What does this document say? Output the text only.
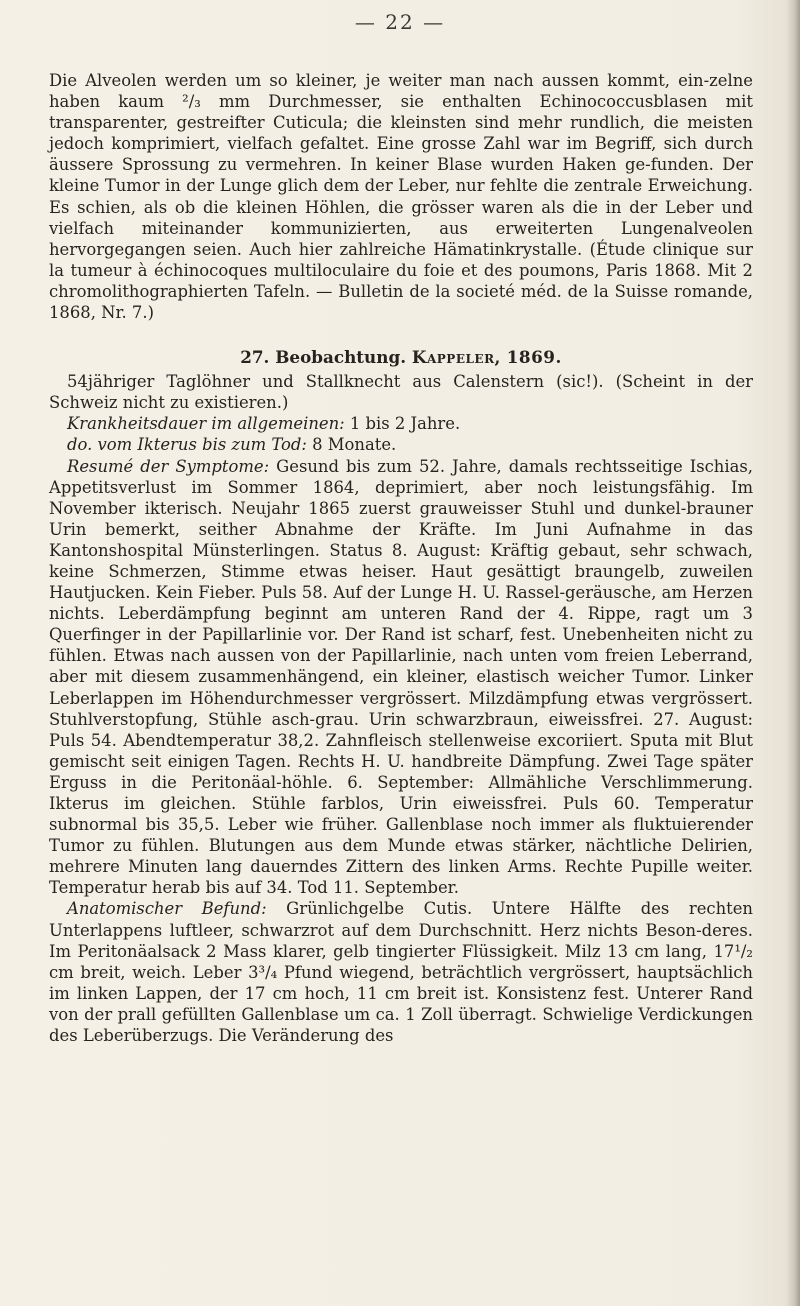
— 22 —

Die Alveolen werden um so kleiner, je weiter man nach aussen kommt, ein-zelne haben kaum ²/₃ mm Durchmesser, sie enthalten Echinococcusblasen mit transparenter, gestreifter Cuticula; die kleinsten sind mehr rundlich, die meisten jedoch komprimiert, vielfach gefaltet. Eine grosse Zahl war im Begriff, sich durch äussere Sprossung zu vermehren. In keiner Blase wurden Haken ge-funden. Der kleine Tumor in der Lunge glich dem der Leber, nur fehlte die zentrale Erweichung. Es schien, als ob die kleinen Höhlen, die grösser waren als die in der Leber und vielfach miteinander kommunizierten, aus erweiterten Lungenalveolen hervorgegangen seien. Auch hier zahlreiche Hämatinkrystalle. (Étude clinique sur la tumeur à échinocoques multiloculaire du foie et des poumons, Paris 1868. Mit 2 chromolithographierten Tafeln. — Bulletin de la societé méd. de la Suisse romande, 1868, Nr. 7.)

27. Beobachtung. Kappeler, 1869.

54jähriger Taglöhner und Stallknecht aus Calenstern (sic!). (Scheint in der Schweiz nicht zu existieren.)

Krankheitsdauer im allgemeinen: 1 bis 2 Jahre.

do. vom Ikterus bis zum Tod: 8 Monate.

Resumé der Symptome: Gesund bis zum 52. Jahre, damals rechtsseitige Ischias, Appetitsverlust im Sommer 1864, deprimiert, aber noch leistungsfähig. Im November ikterisch. Neujahr 1865 zuerst grauweisser Stuhl und dunkel-brauner Urin bemerkt, seither Abnahme der Kräfte. Im Juni Aufnahme in das Kantonshospital Münsterlingen. Status 8. August: Kräftig gebaut, sehr schwach, keine Schmerzen, Stimme etwas heiser. Haut gesättigt braungelb, zuweilen Hautjucken. Kein Fieber. Puls 58. Auf der Lunge H. U. Rassel-geräusche, am Herzen nichts. Leberdämpfung beginnt am unteren Rand der 4. Rippe, ragt um 3 Querfinger in der Papillarlinie vor. Der Rand ist scharf, fest. Unebenheiten nicht zu fühlen. Etwas nach aussen von der Papillarlinie, nach unten vom freien Leberrand, aber mit diesem zusammenhängend, ein kleiner, elastisch weicher Tumor. Linker Leberlappen im Höhendurchmesser vergrössert. Milzdämpfung etwas vergrössert. Stuhlverstopfung, Stühle asch-grau. Urin schwarzbraun, eiweissfrei. 27. August: Puls 54. Abendtemperatur 38,2. Zahnfleisch stellenweise excoriiert. Sputa mit Blut gemischt seit einigen Tagen. Rechts H. U. handbreite Dämpfung. Zwei Tage später Erguss in die Peritonäal-höhle. 6. September: Allmähliche Verschlimmerung. Ikterus im gleichen. Stühle farblos, Urin eiweissfrei. Puls 60. Temperatur subnormal bis 35,5. Leber wie früher. Gallenblase noch immer als fluktuierender Tumor zu fühlen. Blutungen aus dem Munde etwas stärker, nächtliche Delirien, mehrere Minuten lang dauerndes Zittern des linken Arms. Rechte Pupille weiter. Temperatur herab bis auf 34. Tod 11. September.

Anatomischer Befund: Grünlichgelbe Cutis. Untere Hälfte des rechten Unterlappens luftleer, schwarzrot auf dem Durchschnitt. Herz nichts Beson-deres. Im Peritonäalsack 2 Mass klarer, gelb tingierter Flüssigkeit. Milz 13 cm lang, 17¹/₂ cm breit, weich. Leber 3³/₄ Pfund wiegend, beträchtlich vergrössert, hauptsächlich im linken Lappen, der 17 cm hoch, 11 cm breit ist. Konsistenz fest. Unterer Rand von der prall gefüllten Gallenblase um ca. 1 Zoll überragt. Schwielige Verdickungen des Leberüberzugs. Die Veränderung des
